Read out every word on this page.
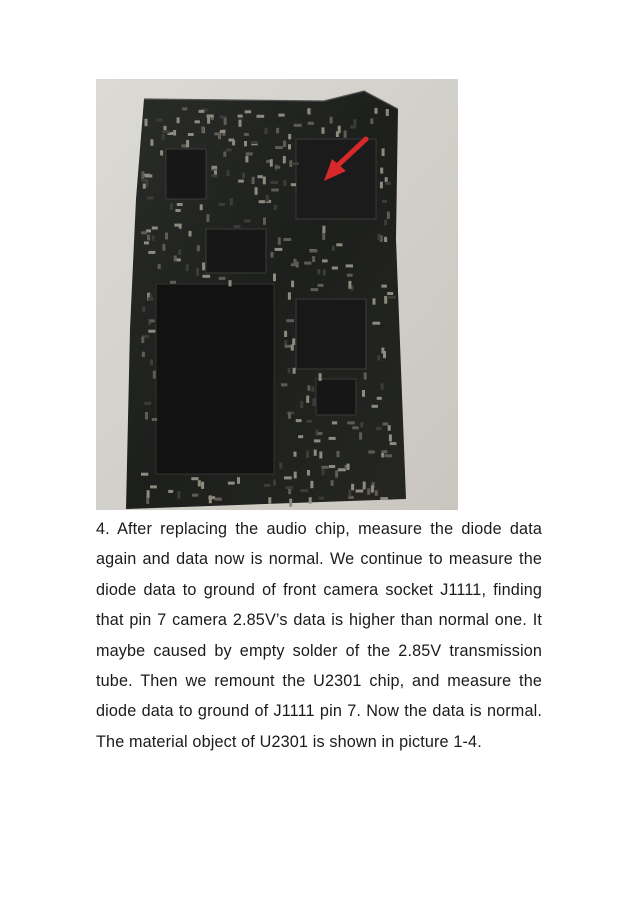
4. After replacing the audio chip, measure the diode data again and data now is normal. We continue to measure the diode data to ground of front camera socket J1111, finding that pin 7 camera 2.85V’s data is higher than normal one. It maybe caused by empty solder of the 2.85V transmission tube. Then we remount the U2301 chip, and measure the diode data to ground of J1111 pin 7. Now the data is normal. The material object of U2301 is shown in picture 1-4.
